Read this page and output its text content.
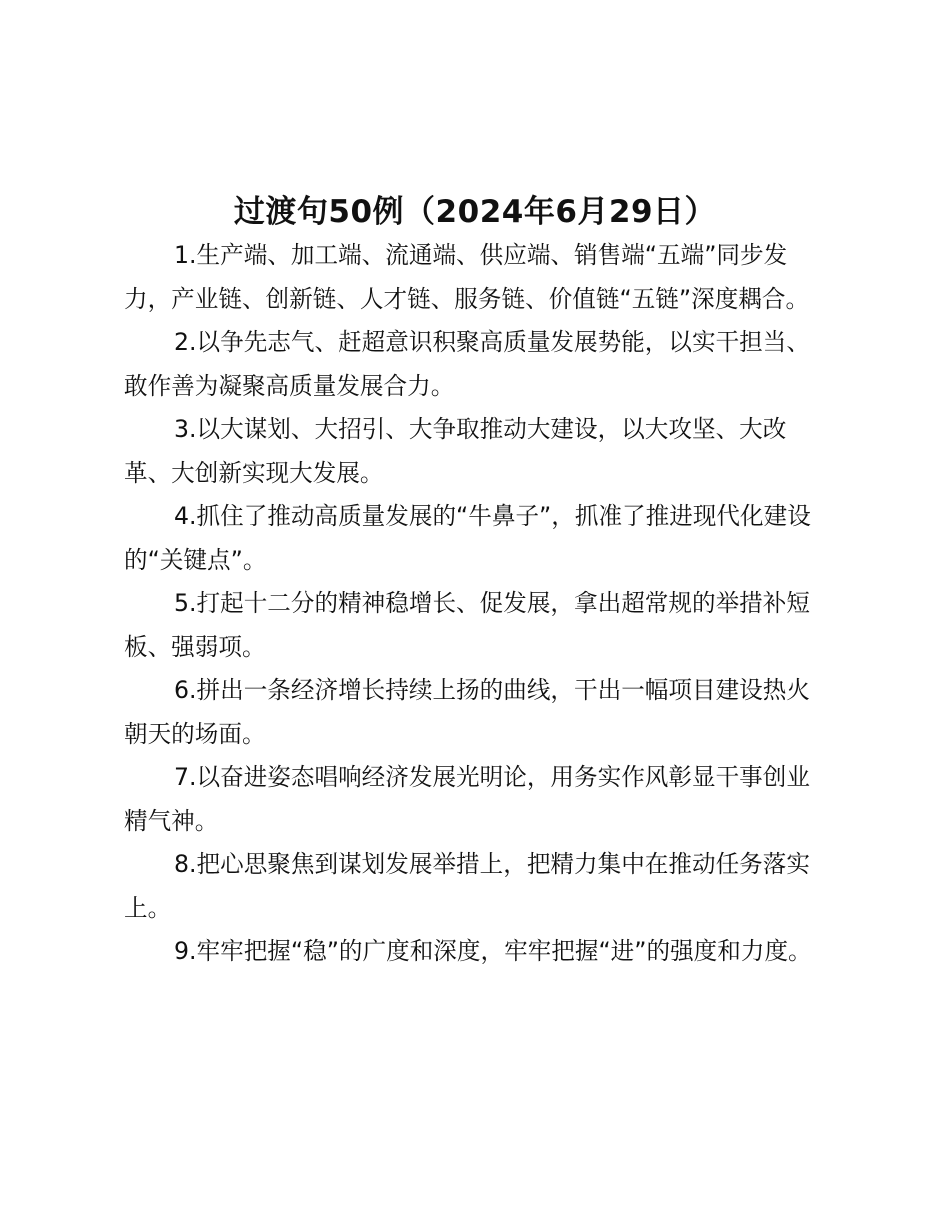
过渡句50例（2024年6月29日）

1.生产端、加工端、流通端、供应端、销售端“五端”同步发力，产业链、创新链、人才链、服务链、价值链“五链”深度耦合。

2.以争先志气、赶超意识积聚高质量发展势能，以实干担当、敢作善为凝聚高质量发展合力。

3.以大谋划、大招引、大争取推动大建设，以大攻坚、大改革、大创新实现大发展。

4.抓住了推动高质量发展的“牛鼻子”，抓准了推进现代化建设的“关键点”。

5.打起十二分的精神稳增长、促发展，拿出超常规的举措补短板、强弱项。

6.拼出一条经济增长持续上扬的曲线，干出一幅项目建设热火朝天的场面。

7.以奋进姿态唱响经济发展光明论，用务实作风彰显干事创业精气神。

8.把心思聚焦到谋划发展举措上，把精力集中在推动任务落实上。

9.牢牢把握“稳”的广度和深度，牢牢把握“进”的强度和力度。
